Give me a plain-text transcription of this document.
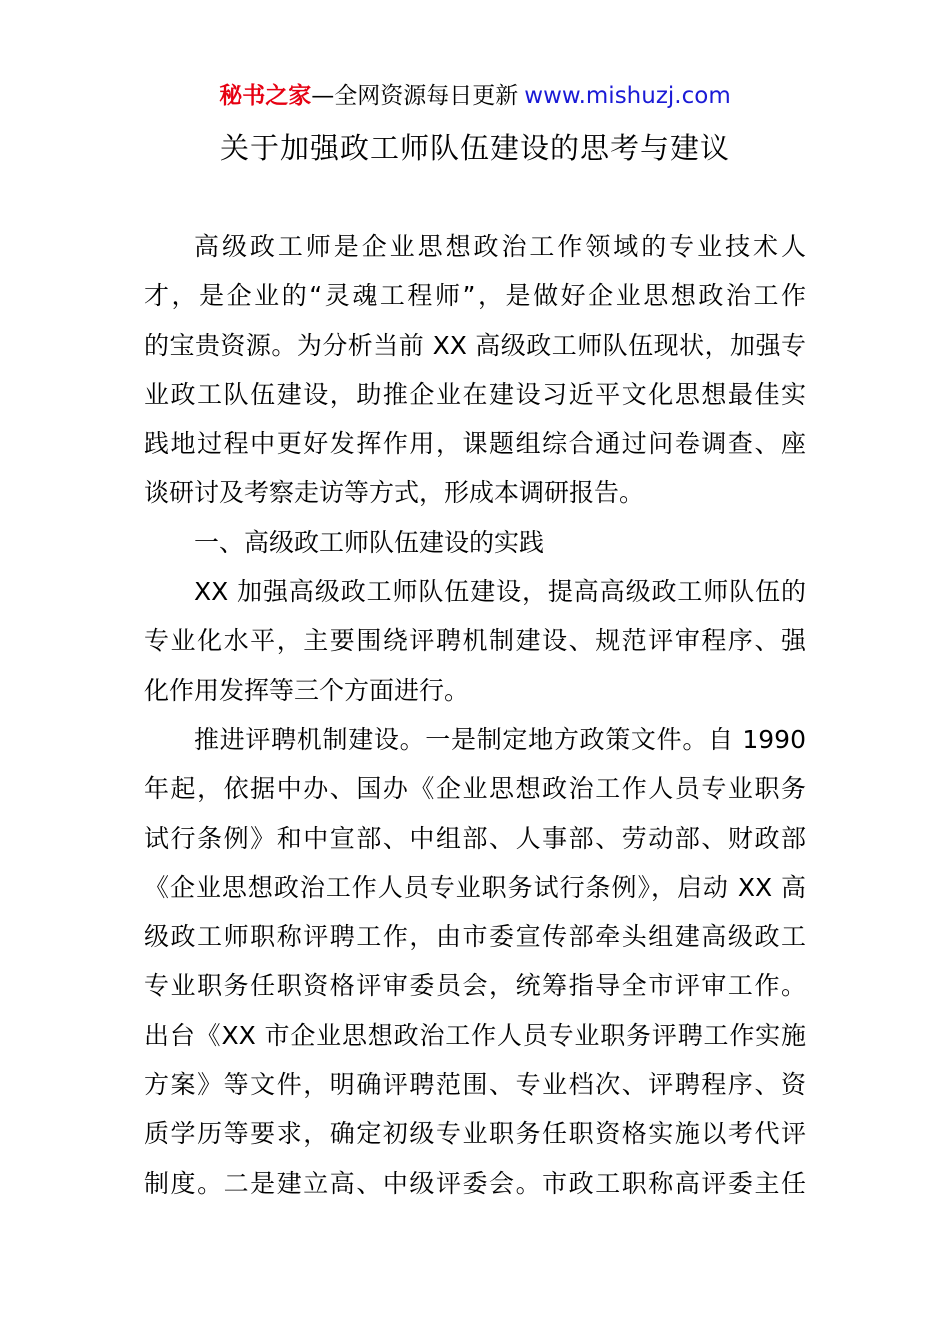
秘书之家—全网资源每日更新 www.mishuzj.com
关于加强政工师队伍建设的思考与建议
高级政工师是企业思想政治工作领域的专业技术人
才，是企业的“灵魂工程师”，是做好企业思想政治工作
的宝贵资源。为分析当前 XX 高级政工师队伍现状，加强专
业政工队伍建设，助推企业在建设习近平文化思想最佳实
践地过程中更好发挥作用，课题组综合通过问卷调查、座
谈研讨及考察走访等方式，形成本调研报告。
一、高级政工师队伍建设的实践
XX 加强高级政工师队伍建设，提高高级政工师队伍的
专业化水平，主要围绕评聘机制建设、规范评审程序、强
化作用发挥等三个方面进行。
推进评聘机制建设。一是制定地方政策文件。自 1990
年起，依据中办、国办《企业思想政治工作人员专业职务
试行条例》和中宣部、中组部、人事部、劳动部、财政部
《企业思想政治工作人员专业职务试行条例》，启动 XX 高
级政工师职称评聘工作，由市委宣传部牵头组建高级政工
专业职务任职资格评审委员会，统筹指导全市评审工作。
出台《XX 市企业思想政治工作人员专业职务评聘工作实施
方案》等文件，明确评聘范围、专业档次、评聘程序、资
质学历等要求，确定初级专业职务任职资格实施以考代评
制度。二是建立高、中级评委会。市政工职称高评委主任
